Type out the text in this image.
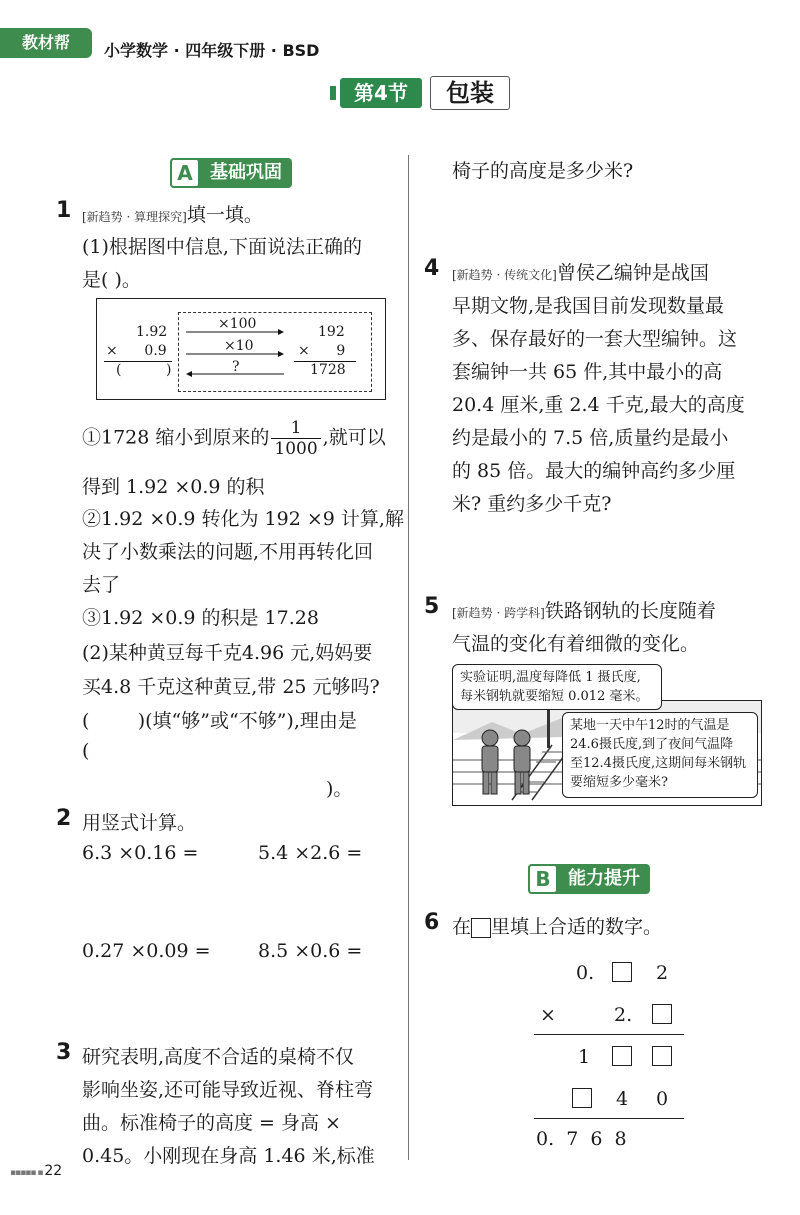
教材帮	小学数学 · 四年级下册 · BSD
第4节	包装
A 基础巩固
1 [新趋势 · 算理探究]填一填。
(1)根据图中信息,下面说法正确的
是( )。
1.92
×      0.9
(          )
×100
×10
?
192
×      9
1728
①1728 缩小到原来的 $\frac{1}{1000}$ ,就可以
得到 1.92 ×0.9 的积
②1.92 ×0.9 转化为 192 ×9 计算,解
决了小数乘法的问题,不用再转化回
去了
③1.92 ×0.9 的积是 17.28
(2)某种黄豆每千克4.96 元,妈妈要
买4.8 千克这种黄豆,带 25 元够吗?
(        )(填“够”或“不够”),理由是
(
)。
2 用竖式计算。
6.3 ×0.16 =	5.4 ×2.6 =
0.27 ×0.09 = 8.5 ×0.6 =
3 研究表明,高度不合适的桌椅不仅
影响坐姿,还可能导致近视、脊柱弯
曲。标准椅子的高度 = 身高 ×
0.45。小刚现在身高 1.46 米,标准
▪▪▪▪▪ ▪ 22
椅子的高度是多少米?
4 [新趋势 · 传统文化]曾侯乙编钟是战国
早期文物,是我国目前发现数量最
多、保存最好的一套大型编钟。这
套编钟一共 65 件,其中最小的高
20.4 厘米,重 2.4 千克,最大的高度
约是最小的 7.5 倍,质量约是最小
的 85 倍。最大的编钟高约多少厘
米? 重约多少千克?
5 [新趋势 · 跨学科]铁路钢轨的长度随着
气温的变化有着细微的变化。
实验证明,温度每降低 1 摄氏度,
每米钢轨就要缩短 0.012 毫米。
某地一天中午12时的气温是
24.6摄氏度,到了夜间气温降
至12.4摄氏度,这期间每米钢轨
要缩短多少毫米?
B 能力提升
6 在 里填上合适的数字。
0.	2
×	2.
1
4 0
0.  7  6  8
